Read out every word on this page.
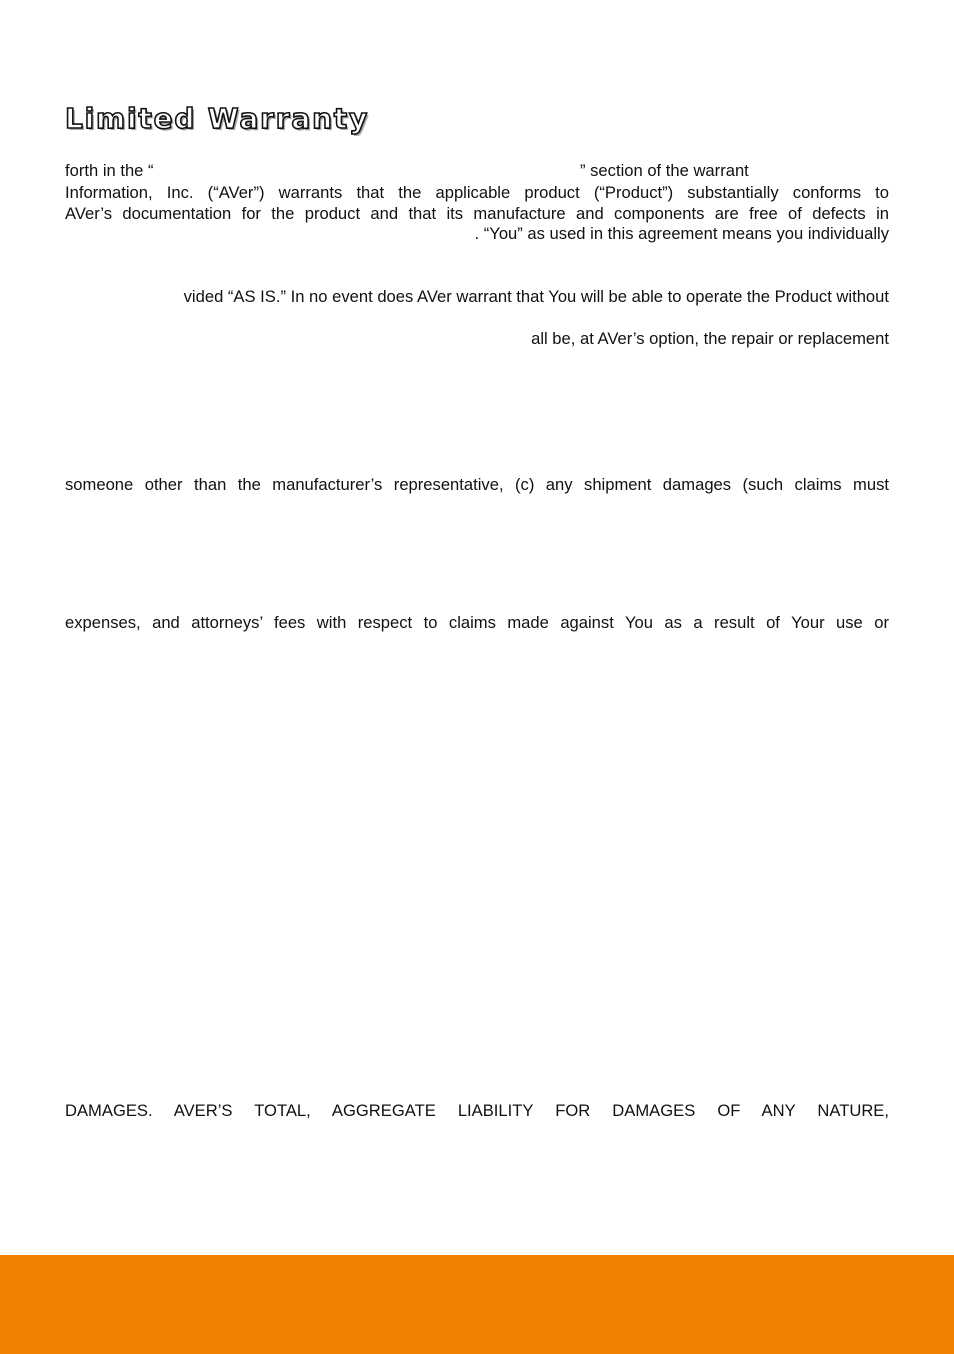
Limited Warranty
forth in the “	” section of the warrant
Information, Inc. (“AVer”) warrants that the applicable product (“Product”) substantially conforms to
AVer’s documentation for the product and that its manufacture and components are free of defects in
. “You” as used in this agreement means you individually
vided “AS IS.” In no event does AVer warrant that You will be able to operate the Product without
all be, at AVer’s option, the repair or replacement
someone other than the manufacturer’s representative, (c) any shipment damages (such claims must
expenses, and attorneys’ fees with respect to claims made against You as a result of Your use or
DAMAGES. AVER’S TOTAL, AGGREGATE LIABILITY FOR DAMAGES OF ANY NATURE,
